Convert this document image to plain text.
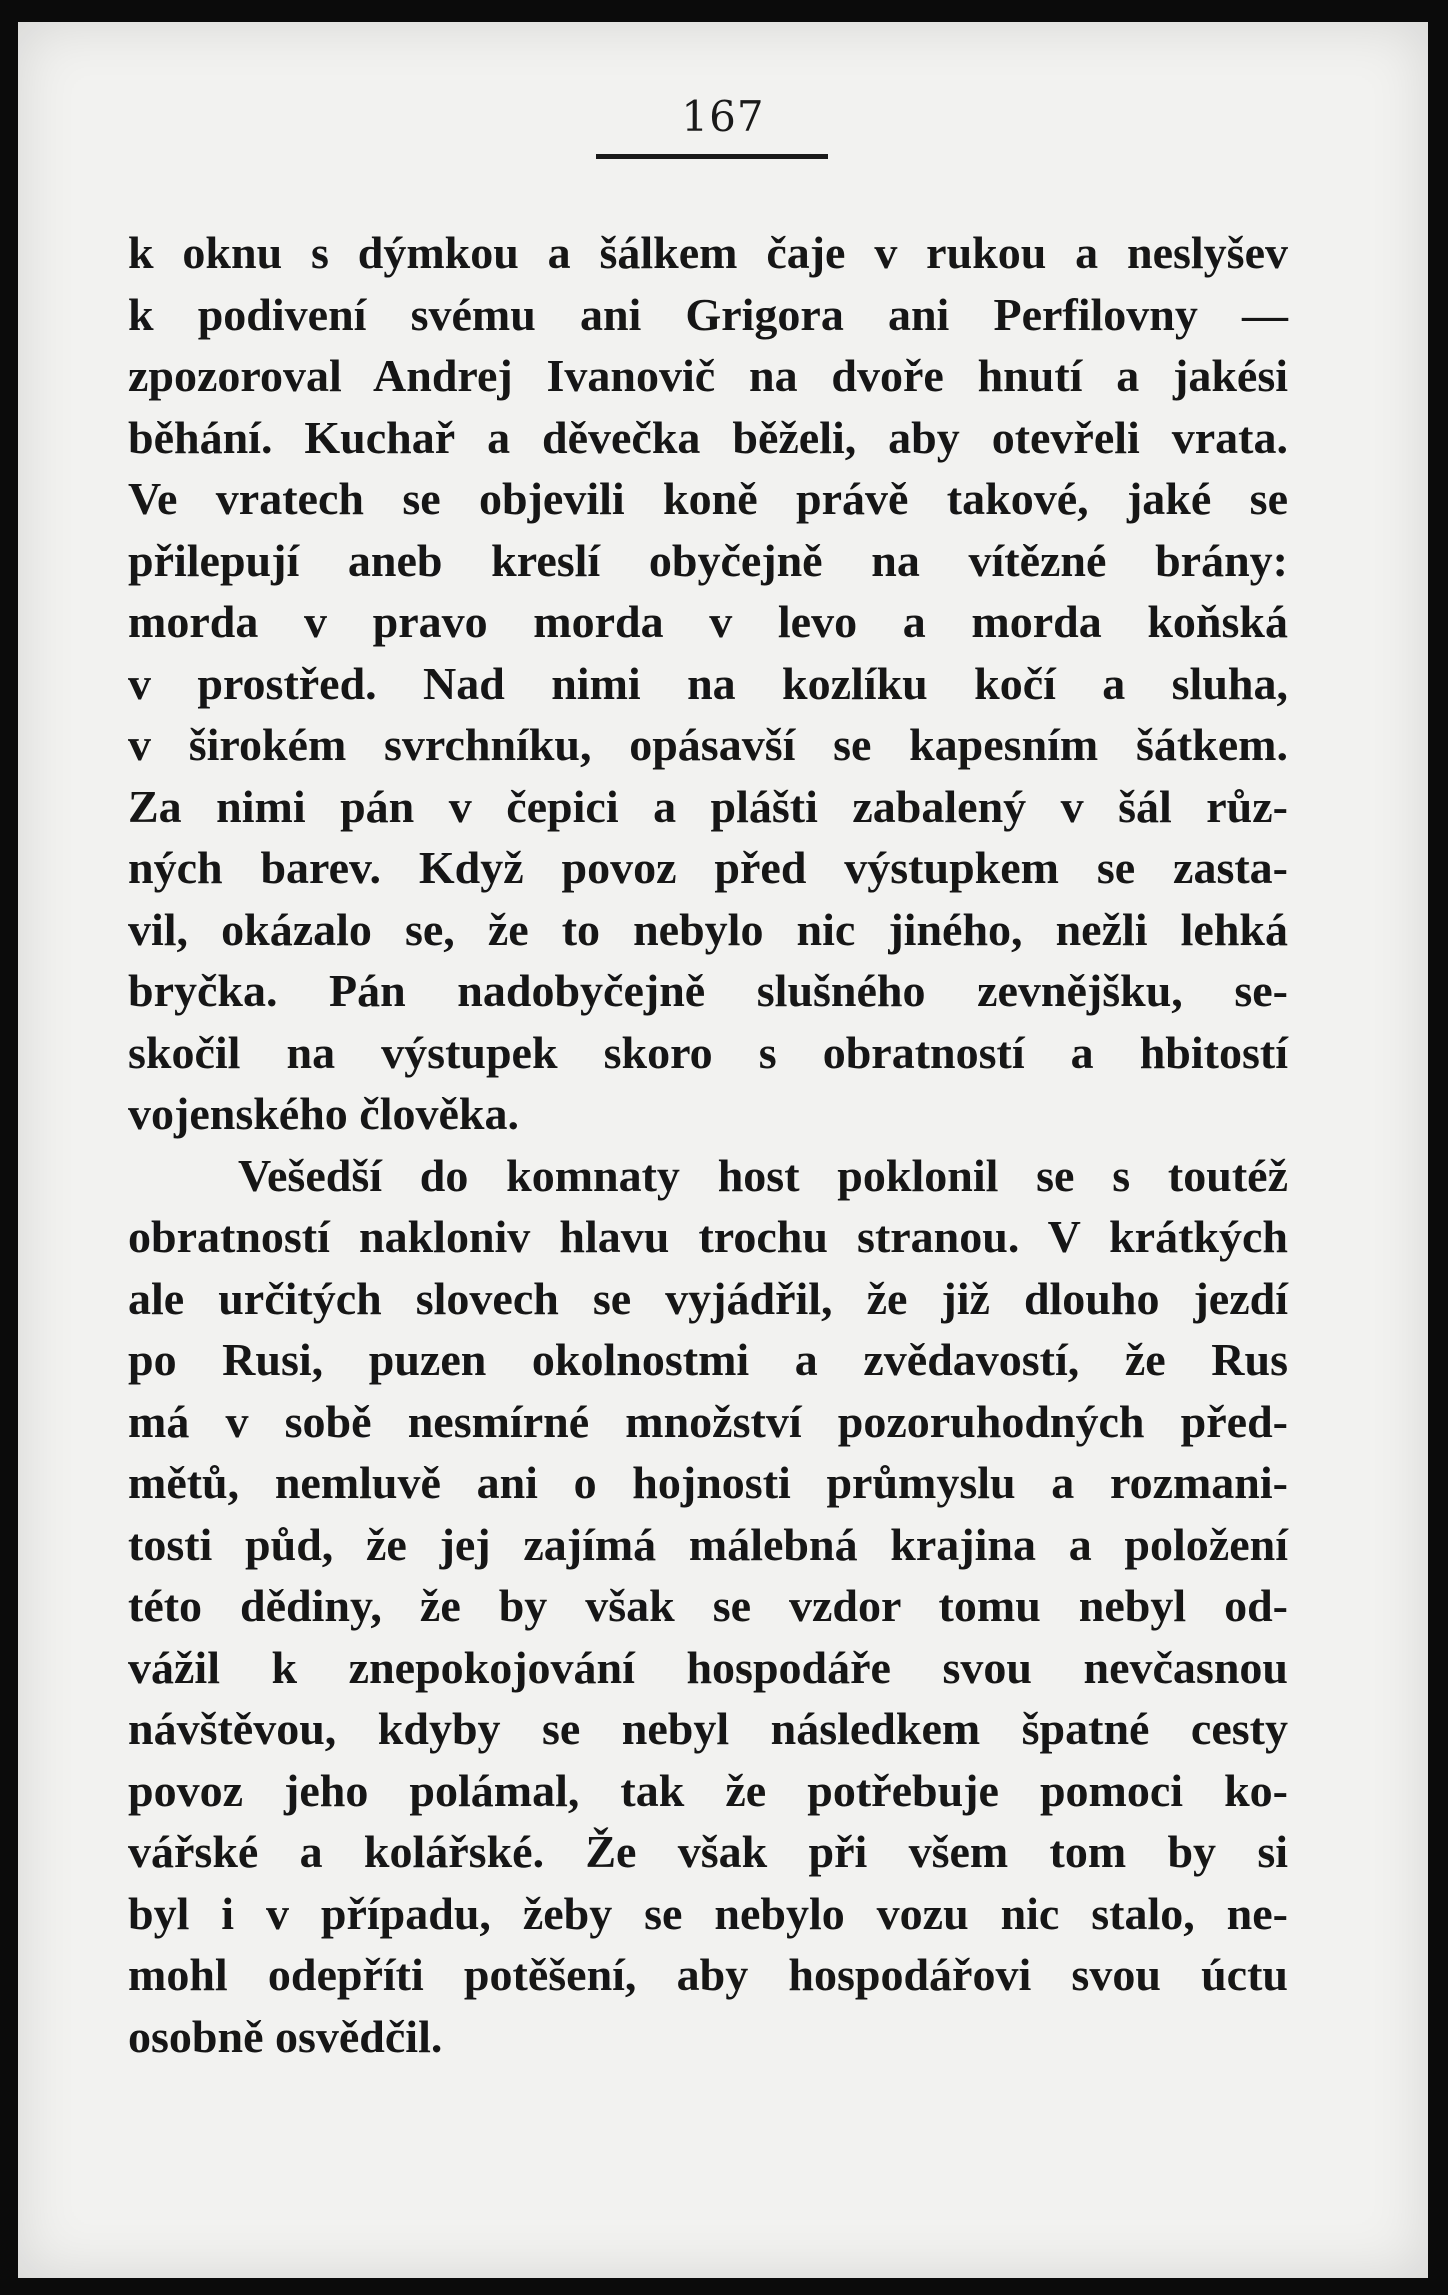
167
k oknu s dýmkou a šálkem čaje v rukou a neslyšev
k podivení svému ani Grigora ani Perfilovny —
zpozoroval Andrej Ivanovič na dvoře hnutí a jakési
běhání. Kuchař a děvečka běželi, aby otevřeli vrata.
Ve vratech se objevili koně právě takové, jaké se
přilepují aneb kreslí obyčejně na vítězné brány:
morda v pravo morda v levo a morda koňská
v prostřed. Nad nimi na kozlíku kočí a sluha,
v širokém svrchníku, opásavší se kapesním šátkem.
Za nimi pán v čepici a plášti zabalený v šál růz-
ných barev. Když povoz před výstupkem se zasta-
vil, okázalo se, že to nebylo nic jiného, nežli lehká
bryčka. Pán nadobyčejně slušného zevnějšku, se-
skočil na výstupek skoro s obratností a hbitostí
vojenského člověka.
Vešedší do komnaty host poklonil se s toutéž
obratností nakloniv hlavu trochu stranou. V krátkých
ale určitých slovech se vyjádřil, že již dlouho jezdí
po Rusi, puzen okolnostmi a zvědavostí, že Rus
má v sobě nesmírné množství pozoruhodných před-
mětů, nemluvě ani o hojnosti průmyslu a rozmani-
tosti půd, že jej zajímá málebná krajina a položení
této dědiny, že by však se vzdor tomu nebyl od-
vážil k znepokojování hospodáře svou nevčasnou
návštěvou, kdyby se nebyl následkem špatné cesty
povoz jeho polámal, tak že potřebuje pomoci ko-
vářské a kolářské. Že však při všem tom by si
byl i v případu, žeby se nebylo vozu nic stalo, ne-
mohl odepříti potěšení, aby hospodářovi svou úctu
osobně osvědčil.
